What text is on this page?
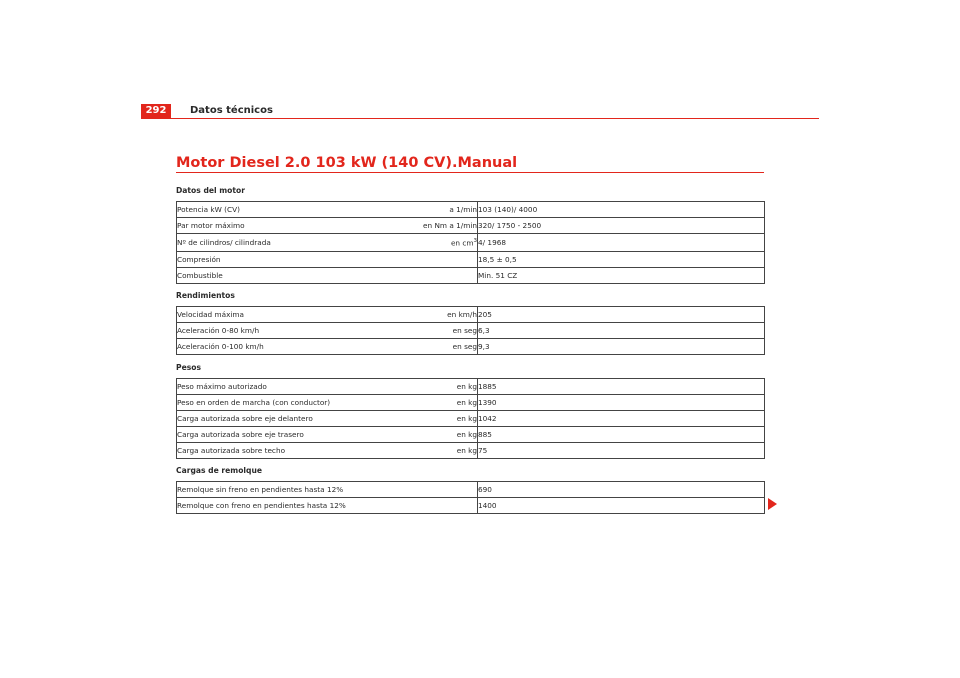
292	Datos técnicos
Motor Diesel 2.0 103 kW (140 CV).Manual
Datos del motor
Potencia kW (CV)	a 1/min	103 (140)/ 4000
Par motor máximo	en Nm a 1/min	320/ 1750 - 2500
Nº de cilindros/ cilindrada	en $cm^3$	4/ 1968
Compresión		18,5 ± 0,5
Combustible		Min. 51 CZ
Rendimientos
Velocidad máxima	en km/h	205
Aceleración 0-80 km/h	en seg	6,3
Aceleración 0-100 km/h	en seg	9,3
Pesos
Peso máximo autorizado	en kg	1885
Peso en orden de marcha (con conductor)	en kg	1390
Carga autorizada sobre eje delantero	en kg	1042
Carga autorizada sobre eje trasero	en kg	885
Carga autorizada sobre techo	en kg	75
Cargas de remolque
Remolque sin freno en pendientes hasta 12%	690
Remolque con freno en pendientes hasta 12%	1400
